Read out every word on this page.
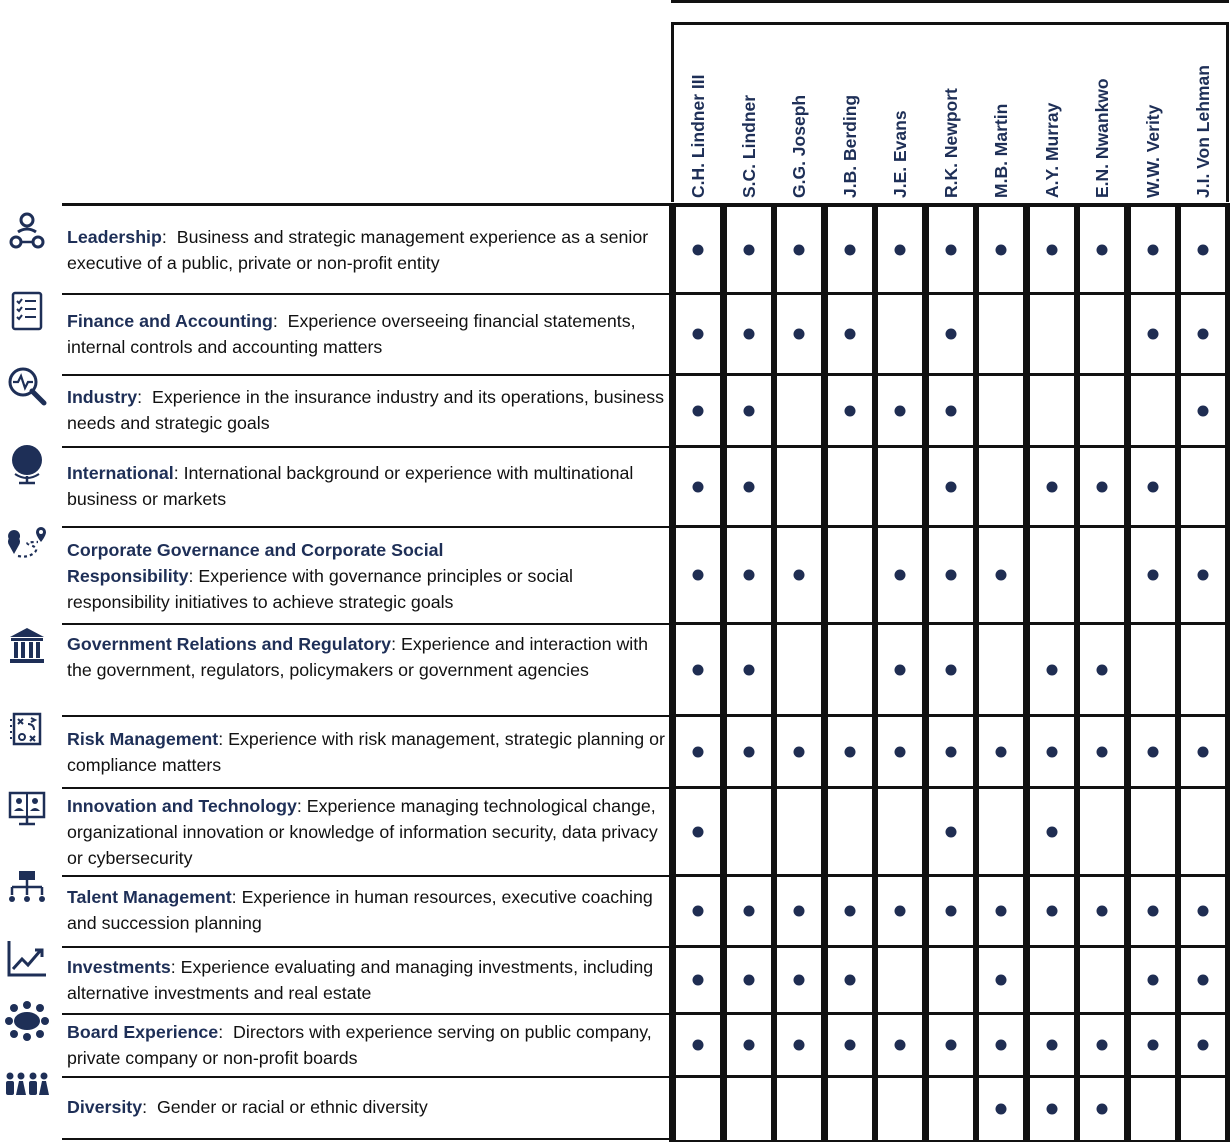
C.H. Lindner III S.C. Lindner G.G. Joseph J.B. Berding J.E. Evans R.K. Newport M.B. Martin A.Y. Murray E.N. Nwankwo W.W. Verity J.I. Von Lehman
Leadership:  Business and strategic management experience as a senior executive of a public, private or non-profit entity
Finance and Accounting:  Experience overseeing financial statements, internal controls and accounting matters
Industry:  Experience in the insurance industry and its operations, business needs and strategic goals
International: International background or experience with multinational business or markets
Corporate Governance and Corporate Social Responsibility: Experience with governance principles or social responsibility initiatives to achieve strategic goals
Government Relations and Regulatory: Experience and interaction with the government, regulators, policymakers or government agencies
Risk Management: Experience with risk management, strategic planning or compliance matters
Innovation and Technology: Experience managing technological change, organizational innovation or knowledge of information security, data privacy or cybersecurity
Talent Management: Experience in human resources, executive coaching and succession planning
Investments: Experience evaluating and managing investments, including alternative investments and real estate
Board Experience:  Directors with experience serving on public company, private company or non-profit boards
Diversity:  Gender or racial or ethnic diversity
